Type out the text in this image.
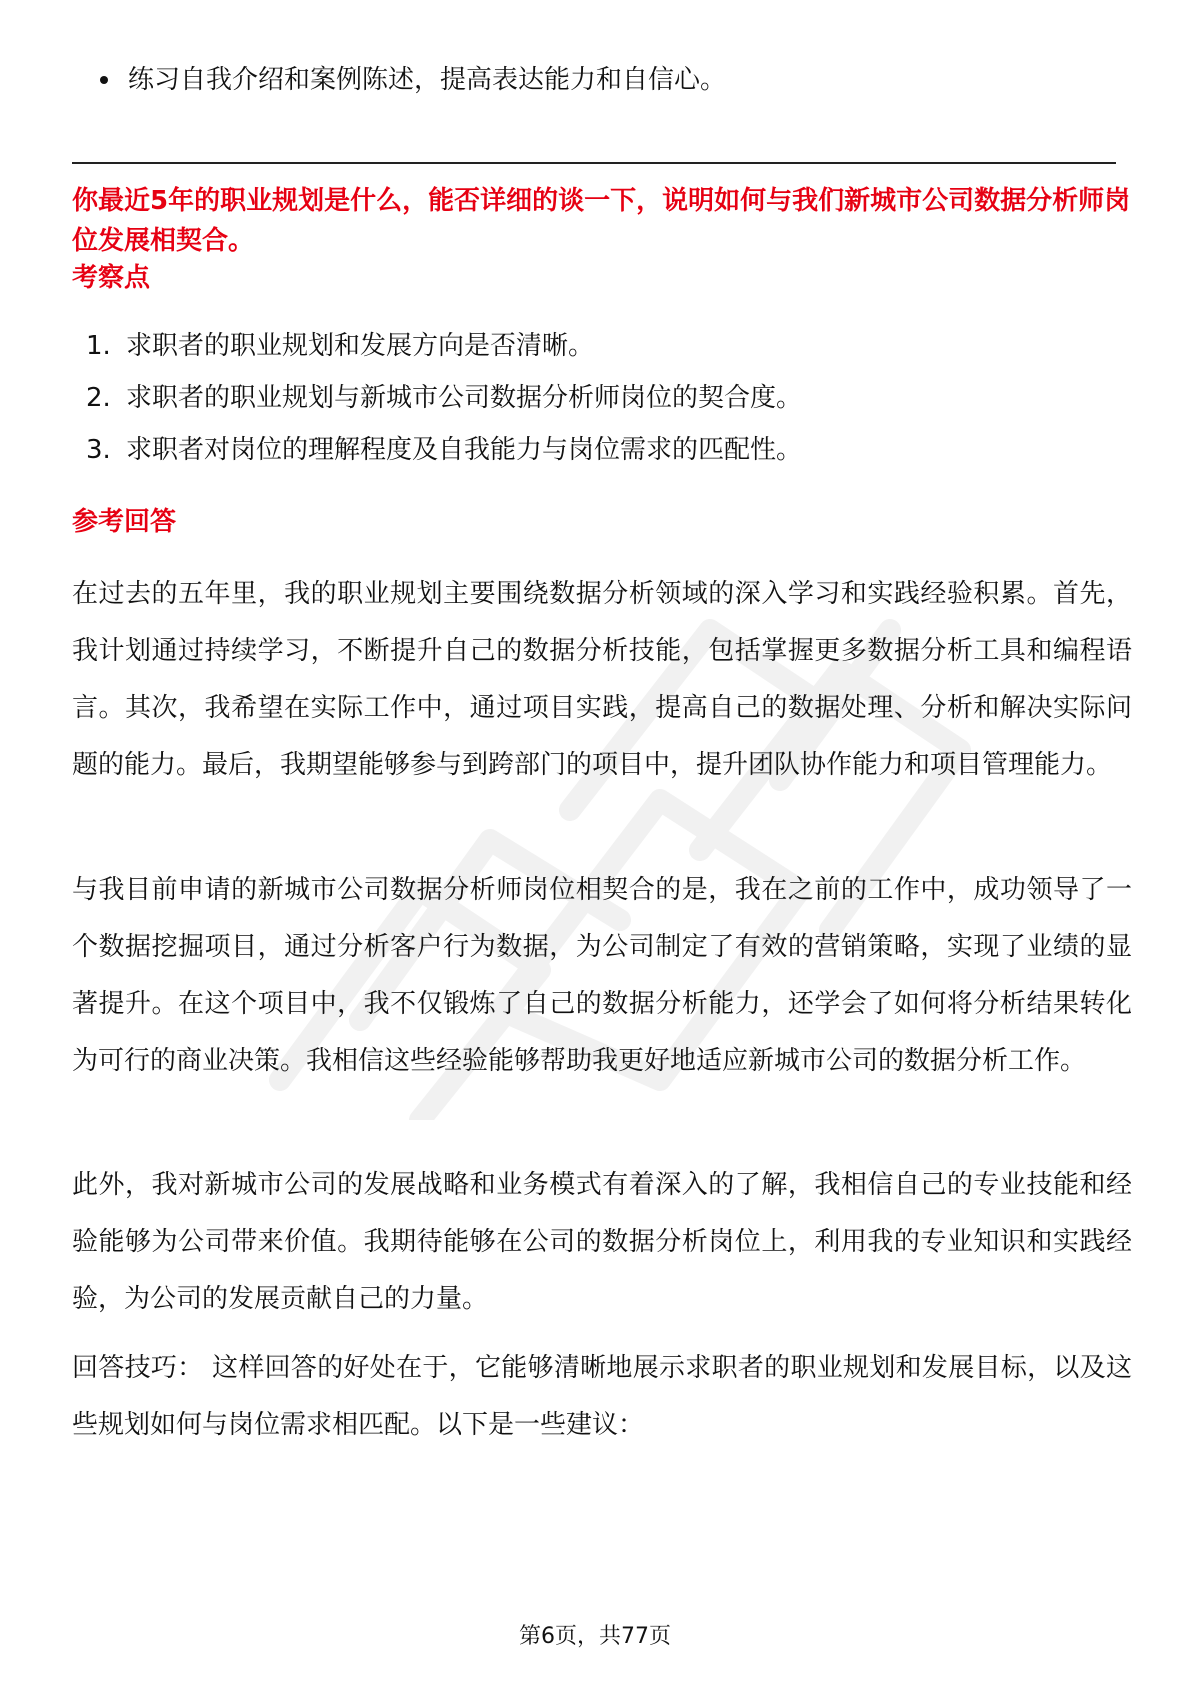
练习自我介绍和案例陈述，提高表达能力和自信心。
你最近5年的职业规划是什么，能否详细的谈一下，说明如何与我们新城市公司数据分析师岗位发展相契合。
考察点
1. 求职者的职业规划和发展方向是否清晰。
2. 求职者的职业规划与新城市公司数据分析师岗位的契合度。
3. 求职者对岗位的理解程度及自我能力与岗位需求的匹配性。
参考回答
在过去的五年里，我的职业规划主要围绕数据分析领域的深入学习和实践经验积累。首先，我计划通过持续学习，不断提升自己的数据分析技能，包括掌握更多数据分析工具和编程语言。其次，我希望在实际工作中，通过项目实践，提高自己的数据处理、分析和解决实际问题的能力。最后，我期望能够参与到跨部门的项目中，提升团队协作能力和项目管理能力。
与我目前申请的新城市公司数据分析师岗位相契合的是，我在之前的工作中，成功领导了一个数据挖掘项目，通过分析客户行为数据，为公司制定了有效的营销策略，实现了业绩的显著提升。在这个项目中，我不仅锻炼了自己的数据分析能力，还学会了如何将分析结果转化为可行的商业决策。我相信这些经验能够帮助我更好地适应新城市公司的数据分析工作。
此外，我对新城市公司的发展战略和业务模式有着深入的了解，我相信自己的专业技能和经验能够为公司带来价值。我期待能够在公司的数据分析岗位上，利用我的专业知识和实践经验，为公司的发展贡献自己的力量。
回答技巧： 这样回答的好处在于，它能够清晰地展示求职者的职业规划和发展目标，以及这些规划如何与岗位需求相匹配。以下是一些建议：
第6页，共77页
